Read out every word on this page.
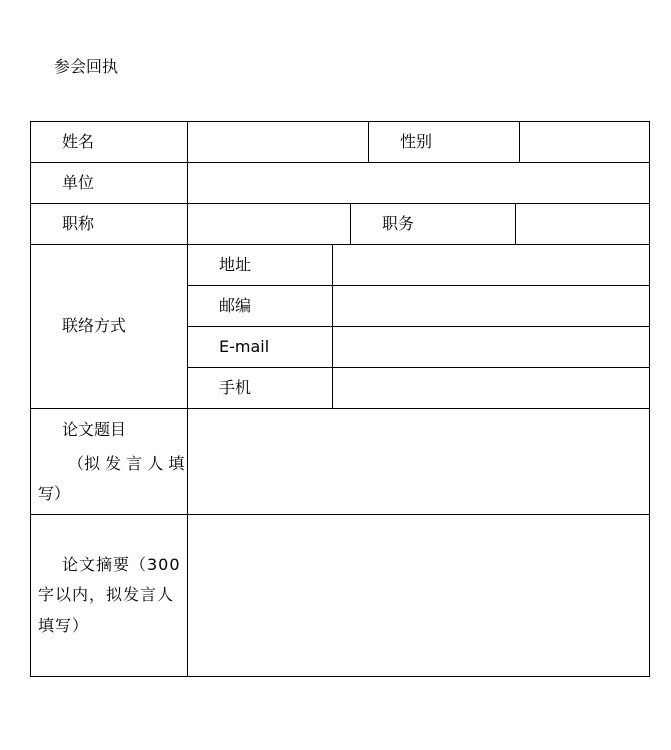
参会回执
姓名	性别
单位
职称	职务
联络方式
地址
邮编
E-mail
手机
论文题目
（拟 发 言 人 填
写）
论文摘要（300
字以内，拟发言人
填写）
